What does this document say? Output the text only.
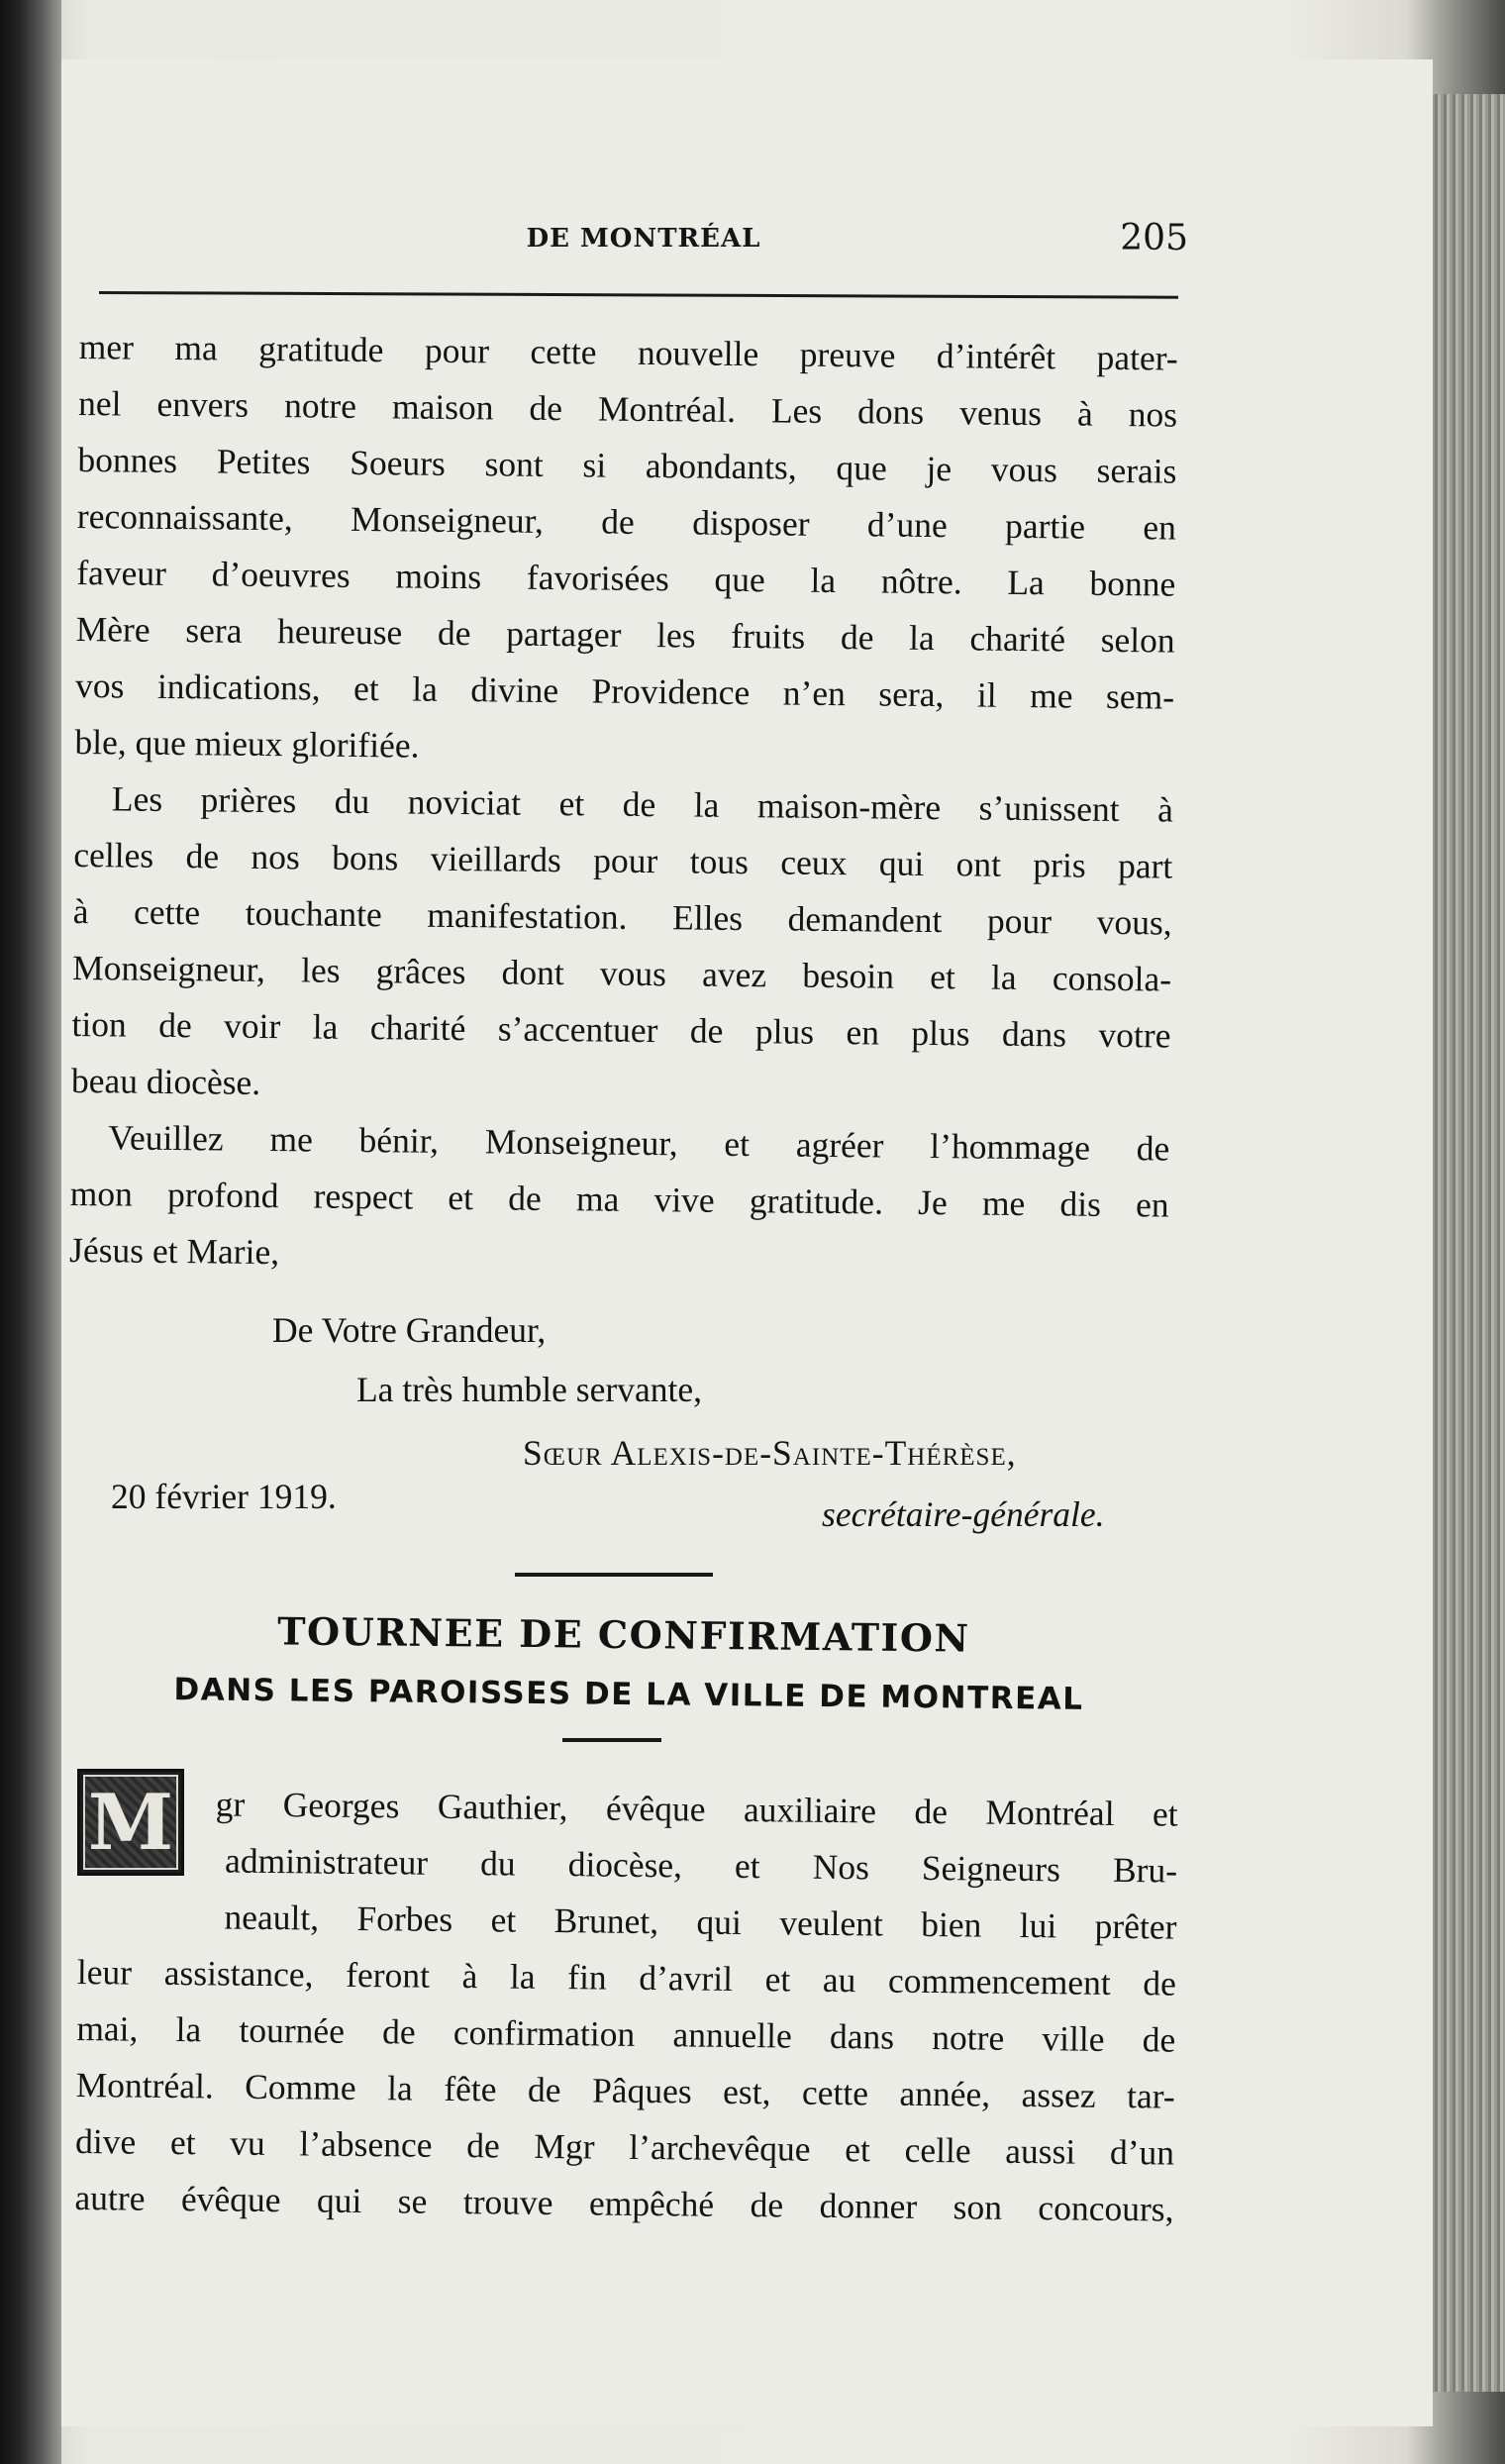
DE MONTRÉAL	205
mer ma gratitude pour cette nouvelle preuve d’intérêt pater-
nel envers notre maison de Montréal. Les dons venus à nos
bonnes Petites Soeurs sont si abondants, que je vous serais
reconnaissante, Monseigneur, de disposer d’une partie en
faveur d’oeuvres moins favorisées que la nôtre. La bonne
Mère sera heureuse de partager les fruits de la charité selon
vos indications, et la divine Providence n’en sera, il me sem-
ble, que mieux glorifiée.
Les prières du noviciat et de la maison-mère s’unissent à
celles de nos bons vieillards pour tous ceux qui ont pris part
à cette touchante manifestation. Elles demandent pour vous,
Monseigneur, les grâces dont vous avez besoin et la consola-
tion de voir la charité s’accentuer de plus en plus dans votre
beau diocèse.
Veuillez me bénir, Monseigneur, et agréer l’hommage de
mon profond respect et de ma vive gratitude. Je me dis en
Jésus et Marie,
De Votre Grandeur,
La très humble servante,
Sœur Alexis-de-Sainte-Thérèse,
20 février 1919.	secrétaire-générale.
TOURNEE DE CONFIRMATION
DANS LES PAROISSES DE LA VILLE DE MONTREAL
M	gr Georges Gauthier, évêque auxiliaire de Montréal et
administrateur du diocèse, et Nos Seigneurs Bru-
neault, Forbes et Brunet, qui veulent bien lui prêter
leur assistance, feront à la fin d’avril et au commencement de
mai, la tournée de confirmation annuelle dans notre ville de
Montréal. Comme la fête de Pâques est, cette année, assez tar-
dive et vu l’absence de Mgr l’archevêque et celle aussi d’un
autre évêque qui se trouve empêché de donner son concours,
